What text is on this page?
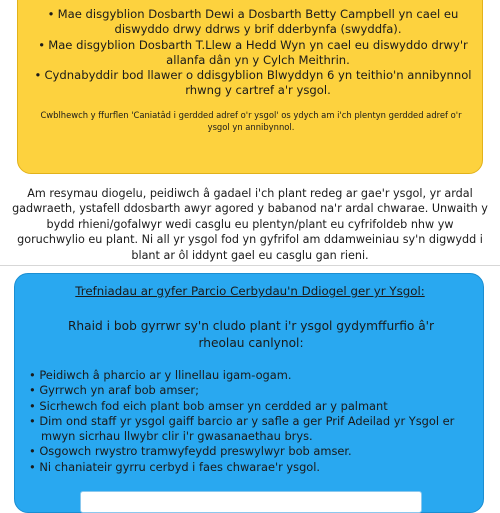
• Mae disgyblion Dosbarth Dewi a Dosbarth Betty Campbell yn cael eu diswyddo drwy ddrws y brif dderbynfa (swyddfa).
• Mae disgyblion Dosbarth T.Llew a Hedd Wyn yn cael eu diswyddo drwy'r allanfa dân yn y Cylch Meithrin.
• Cydnabyddir bod llawer o ddisgyblion Blwyddyn 6 yn teithio'n annibynnol rhwng y cartref a'r ysgol.
Cwblhewch y ffurflen 'Caniatâd i gerdded adref o'r ysgol' os ydych am i'ch plentyn gerdded adref o'r ysgol yn annibynnol.
Am resymau diogelu, peidiwch â gadael i'ch plant redeg ar gae'r ysgol, yr ardal gadwraeth, ystafell ddosbarth awyr agored y babanod na'r ardal chwarae. Unwaith y bydd rhieni/gofalwyr wedi casglu eu plentyn/plant eu cyfrifoldeb nhw yw goruchwylio eu plant. Ni all yr ysgol fod yn gyfrifol am ddamweiniau sy'n digwydd i blant ar ôl iddynt gael eu casglu gan rieni.
Trefniadau ar gyfer Parcio Cerbydau'n Ddiogel ger yr Ysgol:
Rhaid i bob gyrrwr sy'n cludo plant i'r ysgol gydymffurfio â'r rheolau canlynol:
• Peidiwch â pharcio ar y llinellau igam-ogam.
• Gyrrwch yn araf bob amser;
• Sicrhewch fod eich plant bob amser yn cerdded ar y palmant
• Dim ond staff yr ysgol gaiff barcio ar y safle a ger Prif Adeilad yr Ysgol er mwyn sicrhau llwybr clir i'r gwasanaethau brys.
• Osgowch rwystro tramwyfeydd preswylwyr bob amser.
• Ni chaniateir gyrru cerbyd i faes chwarae'r ysgol.
